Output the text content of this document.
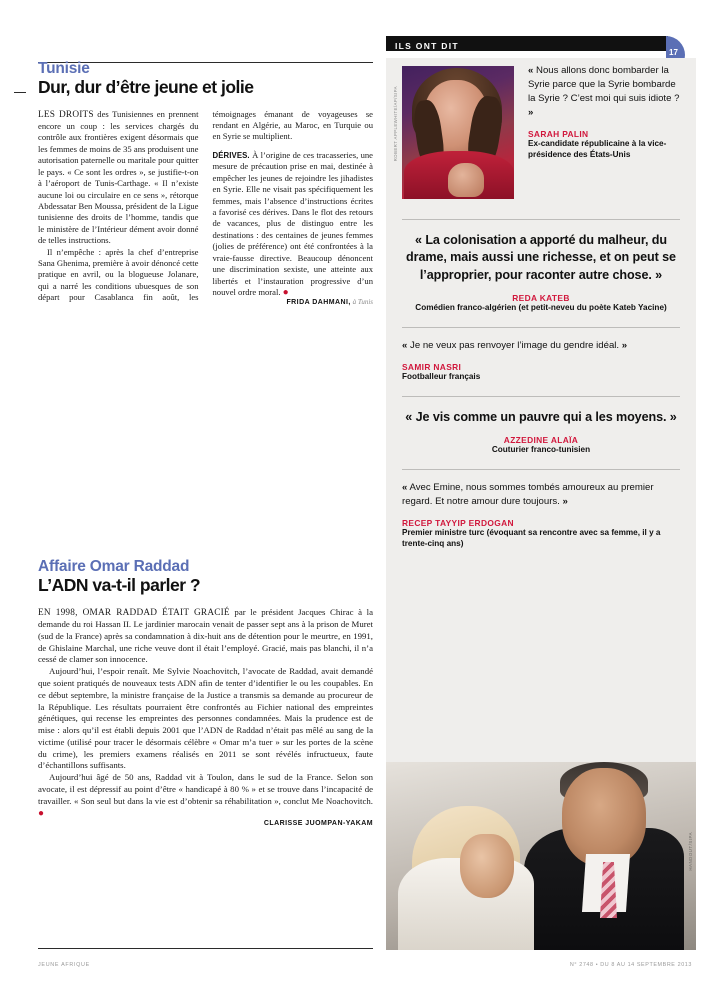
Tunisie
Dur, dur d’être jeune et jolie

LES DROITS des Tunisiennes en prennent encore un coup : les services chargés du contrôle aux frontières exigent désormais que les femmes de moins de 35 ans produisent une autorisation paternelle ou maritale pour quitter le pays. « Ce sont les ordres », se justifie-t-on à l’aéroport de Tunis-Carthage. « Il n’existe aucune loi ou circulaire en ce sens », rétorque Abdessatar Ben Moussa, président de la Ligue tunisienne des droits de l’homme, tandis que le ministère de l’Intérieur dément avoir donné de telles instructions.

Il n’empêche : après la chef d’entreprise Sana Ghenima, première à avoir dénoncé cette pratique en avril, ou la blogueuse Jolanare, qui a narré les conditions ubuesques de son départ pour Casablanca fin août, les témoignages émanant de voyageuses se rendant en Algérie, au Maroc, en Turquie ou en Syrie se multiplient.

DÉRIVES. À l’origine de ces tracasseries, une mesure de précaution prise en mai, destinée à empêcher les jeunes de rejoindre les jihadistes en Syrie. Elle ne visait pas spécifiquement les femmes, mais l’absence d’instructions écrites a favorisé ces dérives. Dans le flot des retours de vacances, plus de distinguo entre les destinations : des centaines de jeunes femmes (jolies de préférence) ont été confrontées à la vraie-fausse directive. Beaucoup dénoncent une discrimination sexiste, une atteinte aux libertés et l’instauration progressive d’un nouvel ordre moral. ●

FRIDA DAHMANI, à Tunis

Affaire Omar Raddad
L’ADN va-t-il parler ?

EN 1998, OMAR RADDAD ÉTAIT GRACIÉ par le président Jacques Chirac à la demande du roi Hassan II. Le jardinier marocain venait de passer sept ans à la prison de Muret (sud de la France) après sa condamnation à dix-huit ans de détention pour le meurtre, en 1991, de Ghislaine Marchal, une riche veuve dont il était l’employé. Gracié, mais pas blanchi, il n’a cessé de clamer son innocence.

Aujourd’hui, l’espoir renaît. Me Sylvie Noachovitch, l’avocate de Raddad, avait demandé que soient pratiqués de nouveaux tests ADN afin de tenter d’identifier le ou les coupables. En ce début septembre, la ministre française de la Justice a transmis sa demande au procureur de la République. Les résultats pourraient être confrontés au Fichier national des empreintes génétiques, qui recense les empreintes des personnes condamnées. Mais la prudence est de mise : alors qu’il est établi depuis 2001 que l’ADN de Raddad n’était pas mêlé au sang de la victime (utilisé pour tracer le désormais célèbre « Omar m’a tuer » sur les portes de la scène du crime), les premiers examens réalisés en 2011 se sont révélés infructueux, faute d’échantillons suffisants.

Aujourd’hui âgé de 50 ans, Raddad vit à Toulon, dans le sud de la France. Selon son avocate, il est dépressif au point d’être « handicapé à 80 % » et se trouve dans l’incapacité de travailler. « Son seul but dans la vie est d’obtenir sa réhabilitation », conclut Me Noachovitch. ●

CLARISSE JUOMPAN-YAKAM

ILS ONT DIT
17
ROBERT APPLEWHITE/AP/SIPA
« Nous allons donc bombarder la Syrie parce que la Syrie bombarde la Syrie ? C’est moi qui suis idiote ? »
SARAH PALIN
Ex-candidate républicaine à la vice-présidence des États-Unis
« La colonisation a apporté du malheur, du drame, mais aussi une richesse, et on peut se l’approprier, pour raconter autre chose. »
REDA KATEB
Comédien franco-algérien (et petit-neveu du poète Kateb Yacine)
« Je ne veux pas renvoyer l’image du gendre idéal. »
SAMIR NASRI
Footballeur français
« Je vis comme un pauvre qui a les moyens. »
AZZEDINE ALAÏA
Couturier franco-tunisien
« Avec Emine, nous sommes tombés amoureux au premier regard. Et notre amour dure toujours. »
RECEP TAYYIP ERDOGAN
Premier ministre turc (évoquant sa rencontre avec sa femme, il y a trente-cinq ans)
HANDOUT/SIPA
JEUNE AFRIQUE	N° 2748 • DU 8 AU 14 SEPTEMBRE 2013
